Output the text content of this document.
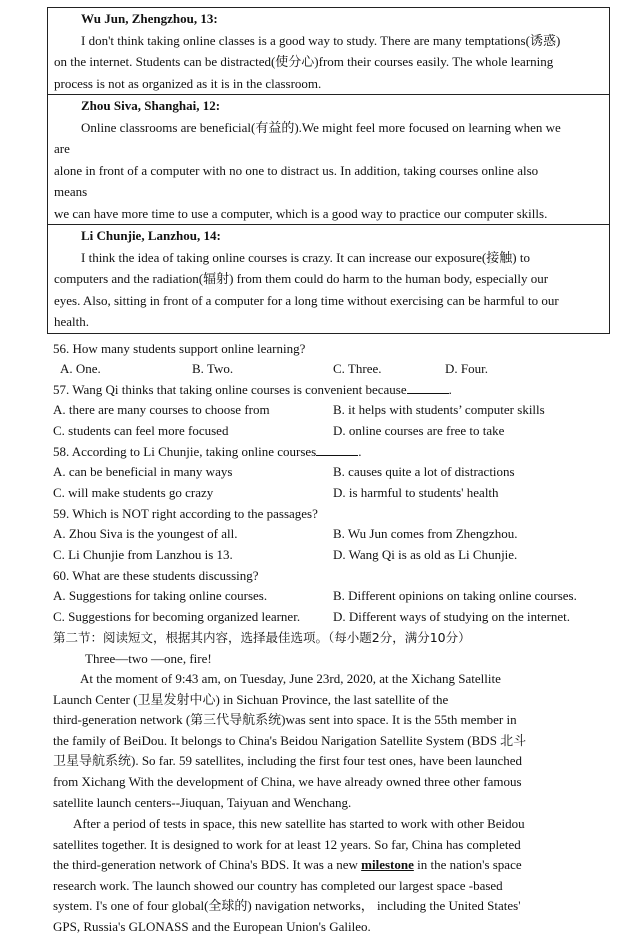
Wu Jun, Zhengzhou, 13:

I don't think taking online classes is a good way to study. There are many temptations(诱惑)

on the internet. Students can be distracted(使分心)from their courses easily. The whole learning

process is not as organized as it is in the classroom.

Zhou Siva, Shanghai, 12:

Online classrooms are beneficial(有益的).We might feel more focused on learning when we

are

alone in front of a computer with no one to distract us. In addition, taking courses online also

means

we can have more time to use a computer, which is a good way to practice our computer skills.

Li Chunjie, Lanzhou, 14:

I think the idea of taking online courses is crazy. It can increase our exposure(接触) to

computers and the radiation(辐射) from them could do harm to the human body, especially our

eyes. Also, sitting in front of a computer for a long time without exercising can be harmful to our

health.

56. How many students support online learning?
A. One.	B. Two.	C. Three.	D. Four.
57. Wang Qi thinks that taking online courses is convenient because	.
A. there are many courses to choose from	B. it helps with students’ computer skills
C. students can feel more focused	D. online courses are free to take
58. According to Li Chunjie, taking online courses	.
A. can be beneficial in many ways	B. causes quite a lot of distractions
C. will make students go crazy	D. is harmful to students' health
59. Which is NOT right according to the passages?
A. Zhou Siva is the youngest of all.	B. Wu Jun comes from Zhengzhou.
C. Li Chunjie from Lanzhou is 13.	D. Wang Qi is as old as Li Chunjie.
60. What are these students discussing?
A. Suggestions for taking online courses.	B. Different opinions on taking online courses.
C. Suggestions for becoming organized learner.	D. Different ways of studying on the internet.
第二节：阅读短文，根据其内容，选择最佳选项。（每小题2分，满分10分）
Three—two —one, fire!

At the moment of 9:43 am, on Tuesday, June 23rd, 2020, at the Xichang Satellite

Launch Center (卫星发射中心) in Sichuan Province, the last satellite of the

third-generation network (第三代导航系统)was sent into space. It is the 55th member in

the family of BeiDou. It belongs to China's Beidou Narigation Satellite System (BDS 北斗

卫星导航系统). So far. 59 satellites, including the first four test ones, have been launched

from Xichang With the development of China, we have already owned three other famous

satellite launch centers--Jiuquan, Taiyuan and Wenchang.

After a period of tests in space, this new satellite has started to work with other Beidou

satellites together. It is designed to work for at least 12 years. So far, China has completed

the third-generation network of China's BDS. It was a new milestone in the nation's space

research work. The launch showed our country has completed our largest space -based

system. I's one of four global(全球的) navigation networks， including the United States'

GPS, Russia's GLONASS and the European Union's Galileo.
